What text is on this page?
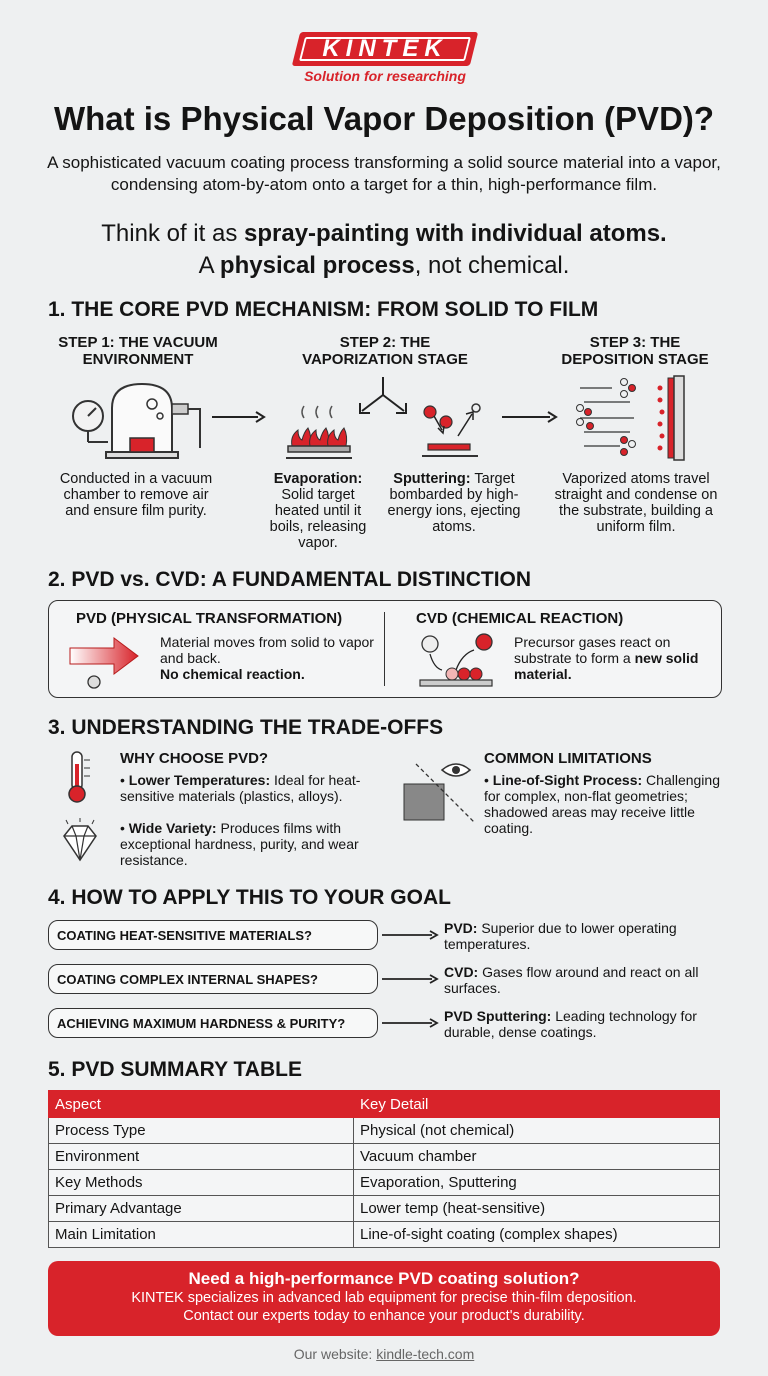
KINTEK
Solution for researching
What is Physical Vapor Deposition (PVD)?
A sophisticated vacuum coating process transforming a solid source material into a vapor, condensing atom-by-atom onto a target for a thin, high-performance film.
Think of it as spray-painting with individual atoms.
A physical process, not chemical.
1. THE CORE PVD MECHANISM: FROM SOLID TO FILM
STEP 1: THE VACUUM ENVIRONMENT
STEP 2: THE VAPORIZATION STAGE
STEP 3: THE DEPOSITION STAGE
Conducted in a vacuum chamber to remove air and ensure film purity.
Evaporation: Solid target heated until it boils, releasing vapor.
Sputtering: Target bombarded by high-energy ions, ejecting atoms.
Vaporized atoms travel straight and condense on the substrate, building a uniform film.
2. PVD vs. CVD: A FUNDAMENTAL DISTINCTION
PVD (PHYSICAL TRANSFORMATION)
Material moves from solid to vapor and back.
No chemical reaction.
CVD (CHEMICAL REACTION)
Precursor gases react on substrate to form a new solid material.
3. UNDERSTANDING THE TRADE-OFFS
WHY CHOOSE PVD?
• Lower Temperatures: Ideal for heat-sensitive materials (plastics, alloys).
• Wide Variety: Produces films with exceptional hardness, purity, and wear resistance.
COMMON LIMITATIONS
• Line-of-Sight Process: Challenging for complex, non-flat geometries; shadowed areas may receive little coating.
4. HOW TO APPLY THIS TO YOUR GOAL
COATING HEAT-SENSITIVE MATERIALS?	PVD: Superior due to lower operating temperatures.
COATING COMPLEX INTERNAL SHAPES?	CVD: Gases flow around and react on all surfaces.
ACHIEVING MAXIMUM HARDNESS & PURITY?	PVD Sputtering: Leading technology for durable, dense coatings.
5. PVD SUMMARY TABLE
Aspect	Key Detail
Process Type	Physical (not chemical)
Environment	Vacuum chamber
Key Methods	Evaporation, Sputtering
Primary Advantage	Lower temp (heat-sensitive)
Main Limitation	Line-of-sight coating (complex shapes)
Need a high-performance PVD coating solution?
KINTEK specializes in advanced lab equipment for precise thin-film deposition.
Contact our experts today to enhance your product's durability.
Our website: kindle-tech.com
